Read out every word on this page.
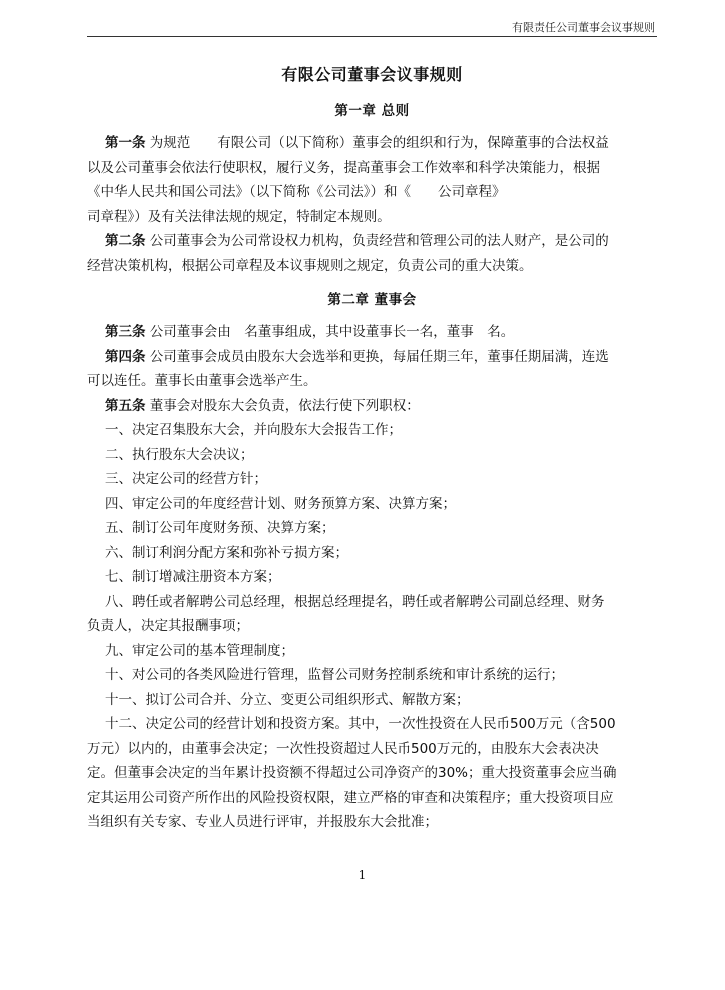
有限责任公司董事会议事规则
有限公司董事会议事规则
第一章 总则
第一条 为规范　　有限公司（以下简称）董事会的组织和行为，保障董事的合法权益
以及公司董事会依法行使职权，履行义务，提高董事会工作效率和科学决策能力，根据
《中华人民共和国公司法》（以下简称《公司法》）和《　　公司章程》
司章程》）及有关法律法规的规定，特制定本规则。
第二条 公司董事会为公司常设权力机构，负责经营和管理公司的法人财产，是公司的
经营决策机构，根据公司章程及本议事规则之规定，负责公司的重大决策。
第二章 董事会
第三条 公司董事会由　名董事组成，其中设董事长一名，董事　名。
第四条 公司董事会成员由股东大会选举和更换，每届任期三年，董事任期届满，连选
可以连任。董事长由董事会选举产生。
第五条 董事会对股东大会负责，依法行使下列职权：
一、决定召集股东大会，并向股东大会报告工作；
二、执行股东大会决议；
三、决定公司的经营方针；
四、审定公司的年度经营计划、财务预算方案、决算方案；
五、制订公司年度财务预、决算方案；
六、制订利润分配方案和弥补亏损方案；
七、制订增减注册资本方案；
八、聘任或者解聘公司总经理，根据总经理提名，聘任或者解聘公司副总经理、财务
负责人，决定其报酬事项；
九、审定公司的基本管理制度；
十、对公司的各类风险进行管理，监督公司财务控制系统和审计系统的运行；
十一、拟订公司合并、分立、变更公司组织形式、解散方案；
十二、决定公司的经营计划和投资方案。其中，一次性投资在人民币500万元（含500
万元）以内的，由董事会决定；一次性投资超过人民币500万元的，由股东大会表决决
定。但董事会决定的当年累计投资额不得超过公司净资产的30%；重大投资董事会应当确
定其运用公司资产所作出的风险投资权限，建立严格的审查和决策程序；重大投资项目应
当组织有关专家、专业人员进行评审，并报股东大会批准；
1
